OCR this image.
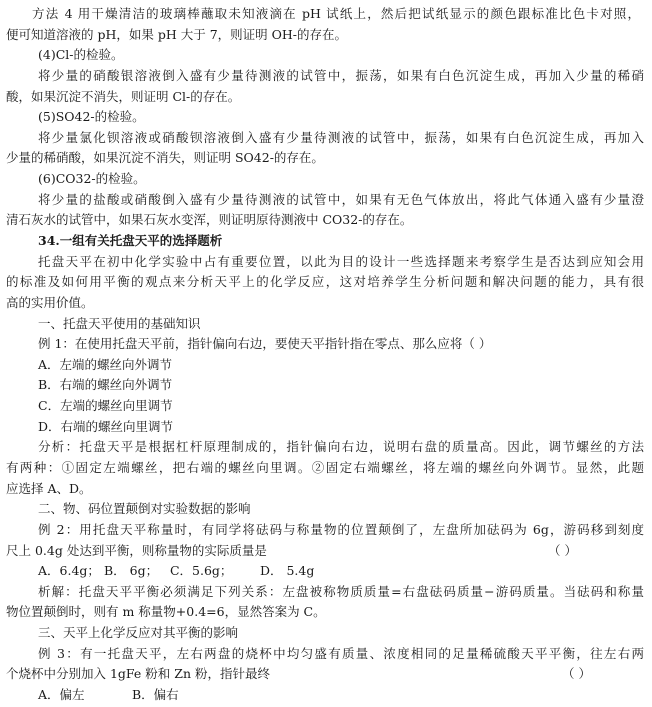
方法 4 用干燥清洁的玻璃棒蘸取未知液滴在 pH 试纸上，然后把试纸显示的颜色跟标准比色卡对照，
便可知道溶液的 pH，如果 pH 大于 7，则证明 OH-的存在。
(4)Cl-的检验。
将少量的硝酸银溶液倒入盛有少量待测液的试管中，振荡，如果有白色沉淀生成，再加入少量的稀硝
酸，如果沉淀不消失，则证明 Cl-的存在。
(5)SO42-的检验。
将少量氯化钡溶液或硝酸钡溶液倒入盛有少量待测液的试管中，振荡，如果有白色沉淀生成，再加入
少量的稀硝酸，如果沉淀不消失，则证明 SO42-的存在。
(6)CO32-的检验。
将少量的盐酸或硝酸倒入盛有少量待测液的试管中，如果有无色气体放出，将此气体通入盛有少量澄
清石灰水的试管中，如果石灰水变浑，则证明原待测液中 CO32-的存在。
34.一组有关托盘天平的选择题析
托盘天平在初中化学实验中占有重要位置，以此为目的设计一些选择题来考察学生是否达到应知会用
的标准及如何用平衡的观点来分析天平上的化学反应，这对培养学生分析问题和解决问题的能力，具有很
高的实用价值。
一、托盘天平使用的基础知识
例 1：在使用托盘天平前，指针偏向右边，要使天平指针指在零点、那么应将（ ）
A．左端的螺丝向外调节
B．右端的螺丝向外调节
C．左端的螺丝向里调节
D．右端的螺丝向里调节
分析：托盘天平是根据杠杆原理制成的，指针偏向右边，说明右盘的质量高。因此，调节螺丝的方法
有两种：①固定左端螺丝，把右端的螺丝向里调。②固定右端螺丝，将左端的螺丝向外调节。显然，此题
应选择 A、D。
二、物、码位置颠倒对实验数据的影响
例 2：用托盘天平称量时，有同学将砝码与称量物的位置颠倒了，左盘所加砝码为 6g，游码移到刻度
尺上 0.4g 处达到平衡，则称量物的实际质量是	（ ）
A．6.4g； B． 6g； C．5.6g； D． 5.4g
析解：托盘天平平衡必须满足下列关系：左盘被称物质质量=右盘砝码质量−游码质量。当砝码和称量
物位置颠倒时，则有 m 称量物+0.4=6，显然答案为 C。
三、天平上化学反应对其平衡的影响
例 3：有一托盘天平，左右两盘的烧杯中均匀盛有质量、浓度相同的足量稀硫酸天平平衡，往左右两
个烧杯中分别加入 1gFe 粉和 Zn 粉，指针最终	（ ）
A．偏左	B．偏右
